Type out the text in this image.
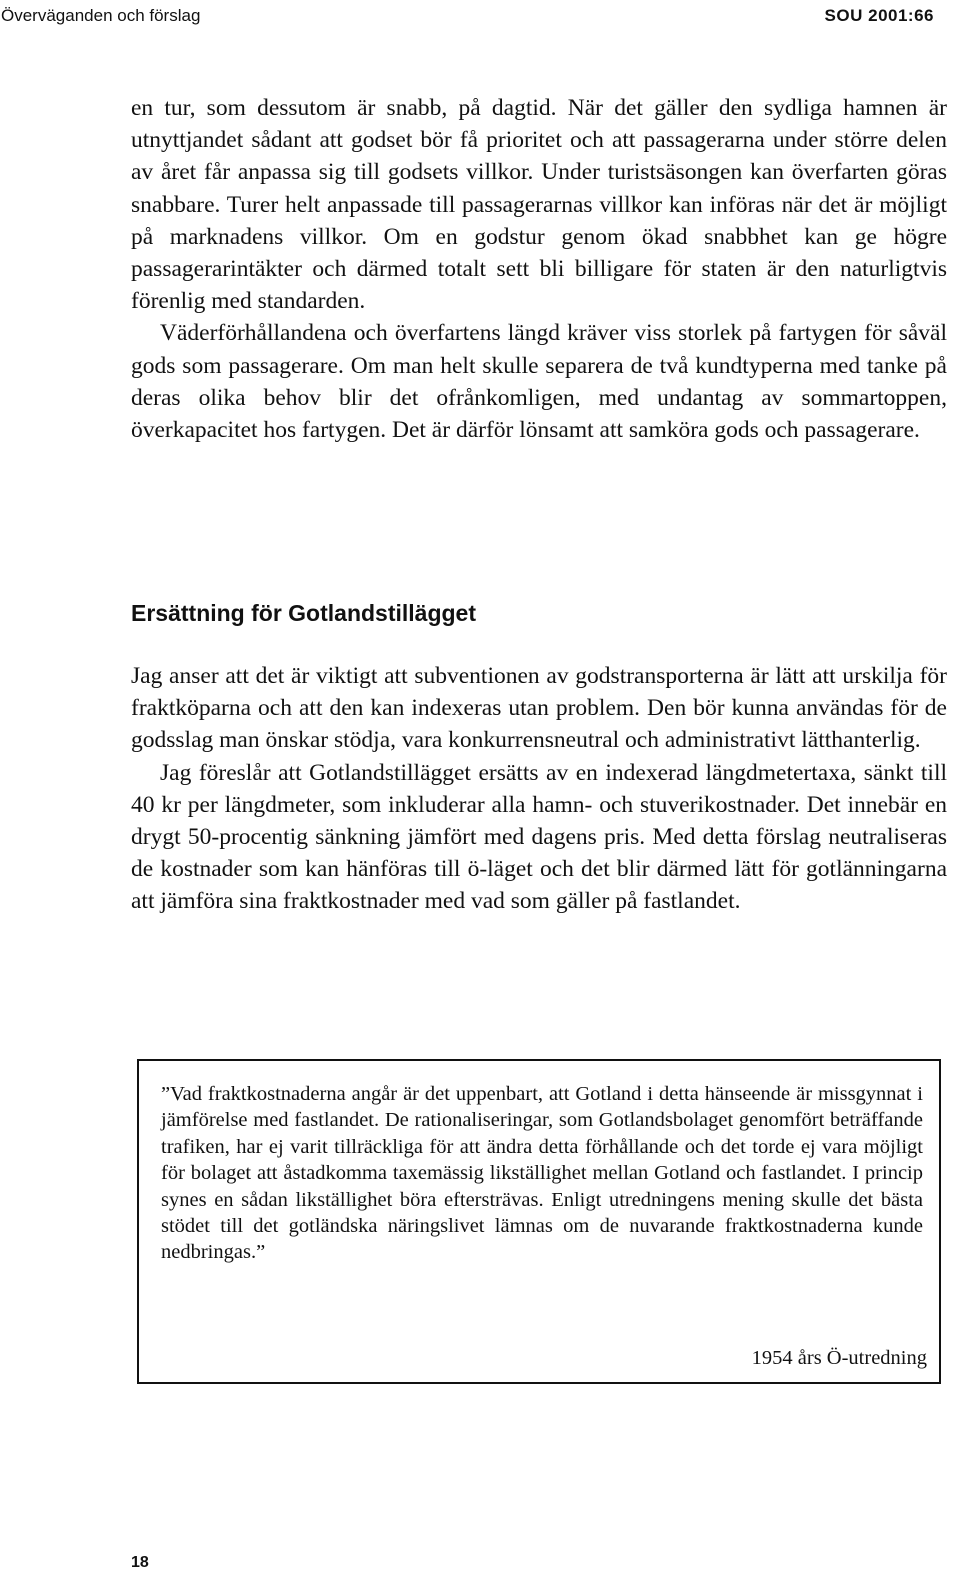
Överväganden och förslag	SOU 2001:66

en tur, som dessutom är snabb, på dagtid. När det gäller den sydliga hamnen är utnyttjandet sådant att godset bör få prioritet och att passagerarna under större delen av året får anpassa sig till godsets villkor. Under turistsäsongen kan överfarten göras snabbare. Turer helt anpassade till passagerarnas villkor kan införas när det är möjligt på marknadens villkor. Om en godstur genom ökad snabbhet kan ge högre passagerarintäkter och därmed totalt sett bli billigare för staten är den naturligtvis förenlig med standarden.

Väderförhållandena och överfartens längd kräver viss storlek på fartygen för såväl gods som passagerare. Om man helt skulle separera de två kundtyperna med tanke på deras olika behov blir det ofrånkomligen, med undantag av sommartoppen, överkapacitet hos fartygen. Det är därför lönsamt att samköra gods och passagerare.

Ersättning för Gotlandstillägget

Jag anser att det är viktigt att subventionen av godstransporterna är lätt att urskilja för fraktköparna och att den kan indexeras utan problem. Den bör kunna användas för de godsslag man önskar stödja, vara konkurrensneutral och administrativt lätthanterlig.

Jag föreslår att Gotlandstillägget ersätts av en indexerad längdmetertaxa, sänkt till 40 kr per längdmeter, som inkluderar alla hamn- och stuverikostnader. Det innebär en drygt 50-procentig sänkning jämfört med dagens pris. Med detta förslag neutraliseras de kostnader som kan hänföras till ö-läget och det blir därmed lätt för gotlänningarna att jämföra sina fraktkostnader med vad som gäller på fastlandet.

”Vad fraktkostnaderna angår är det uppenbart, att Gotland i detta hänseende är missgynnat i jämförelse med fastlandet. De rationaliseringar, som Gotlandsbolaget genomfört beträffande trafiken, har ej varit tillräckliga för att ändra detta förhållande och det torde ej vara möjligt för bolaget att åstadkomma taxemässig likställighet mellan Gotland och fastlandet. I princip synes en sådan likställighet böra eftersträvas. Enligt utredningens mening skulle det bästa stödet till det gotländska näringslivet lämnas om de nuvarande fraktkostnaderna kunde nedbringas.”

1954 års Ö-utredning

18
